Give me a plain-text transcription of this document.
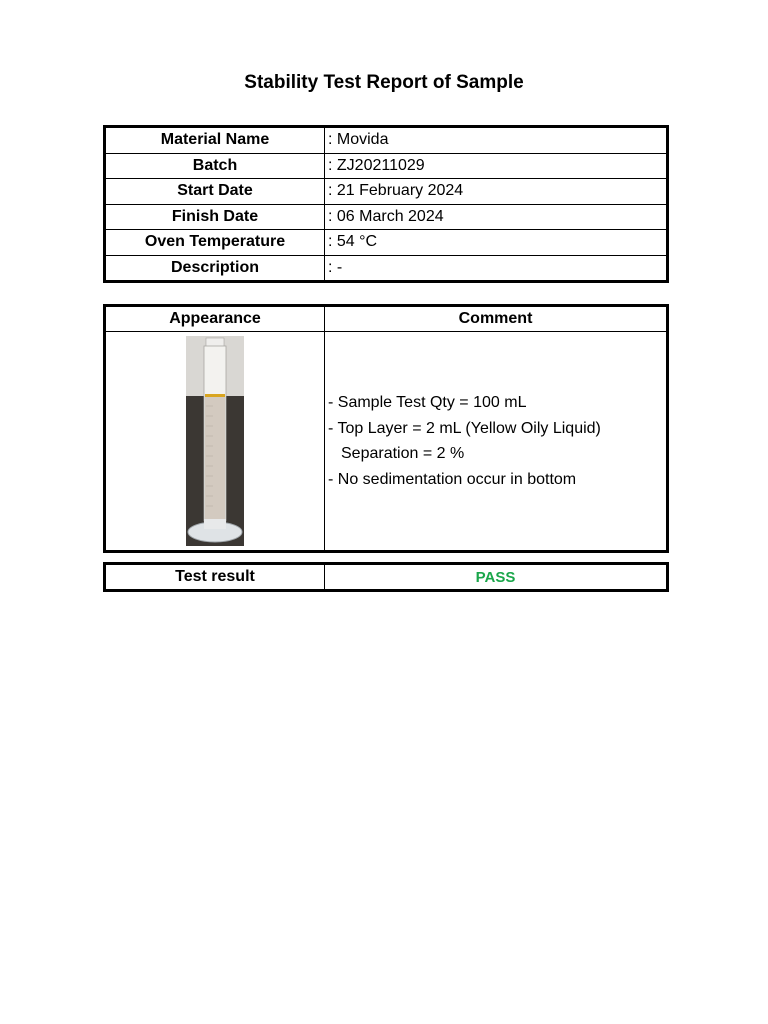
Stability Test Report of Sample
Material Name	: Movida
Batch	: ZJ20211029
Start Date	: 21 February 2024
Finish Date	: 06 March 2024
Oven Temperature	: 54 °C
Description	: -
Appearance	Comment

- Sample Test Qty = 100 mL
- Top Layer = 2 mL (Yellow Oily Liquid)
Separation = 2 %
- No sedimentation occur in bottom
Test result	PASS
